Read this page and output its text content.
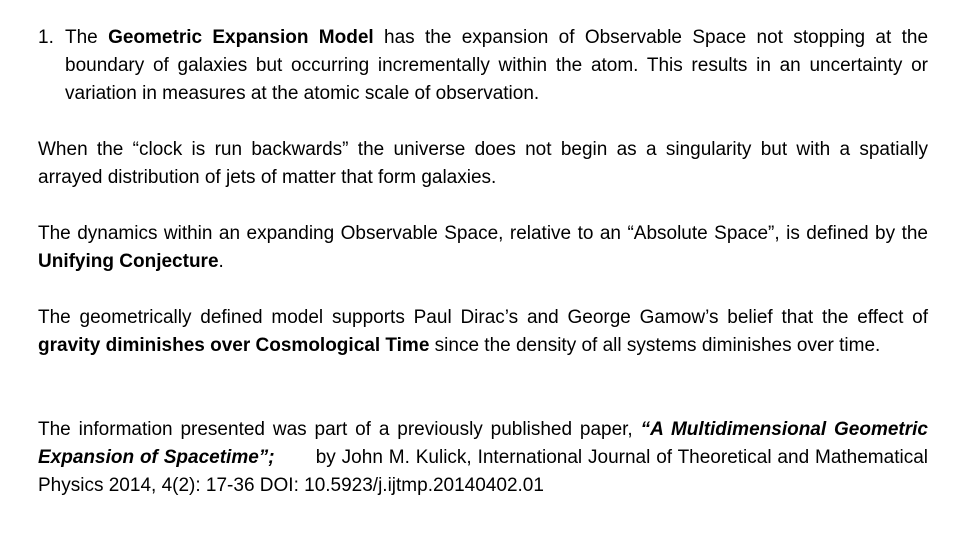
1. The Geometric Expansion Model has the expansion of Observable Space not stopping at the boundary of galaxies but occurring incrementally within the atom. This results in an uncertainty or variation in measures at the atomic scale of observation.
When the “clock is run backwards” the universe does not begin as a singularity but with a spatially arrayed distribution of jets of matter that form galaxies.
The dynamics within an expanding Observable Space, relative to an “Absolute Space”, is defined by the Unifying Conjecture.
The geometrically defined model supports Paul Dirac’s and George Gamow’s belief that the effect of gravity diminishes over Cosmological Time since the density of all systems diminishes over time.
The information presented was part of a previously published paper, “A Multidimensional Geometric Expansion of Spacetime”;       by John M. Kulick, International Journal of Theoretical and Mathematical Physics 2014, 4(2): 17-36 DOI: 10.5923/j.ijtmp.20140402.01
